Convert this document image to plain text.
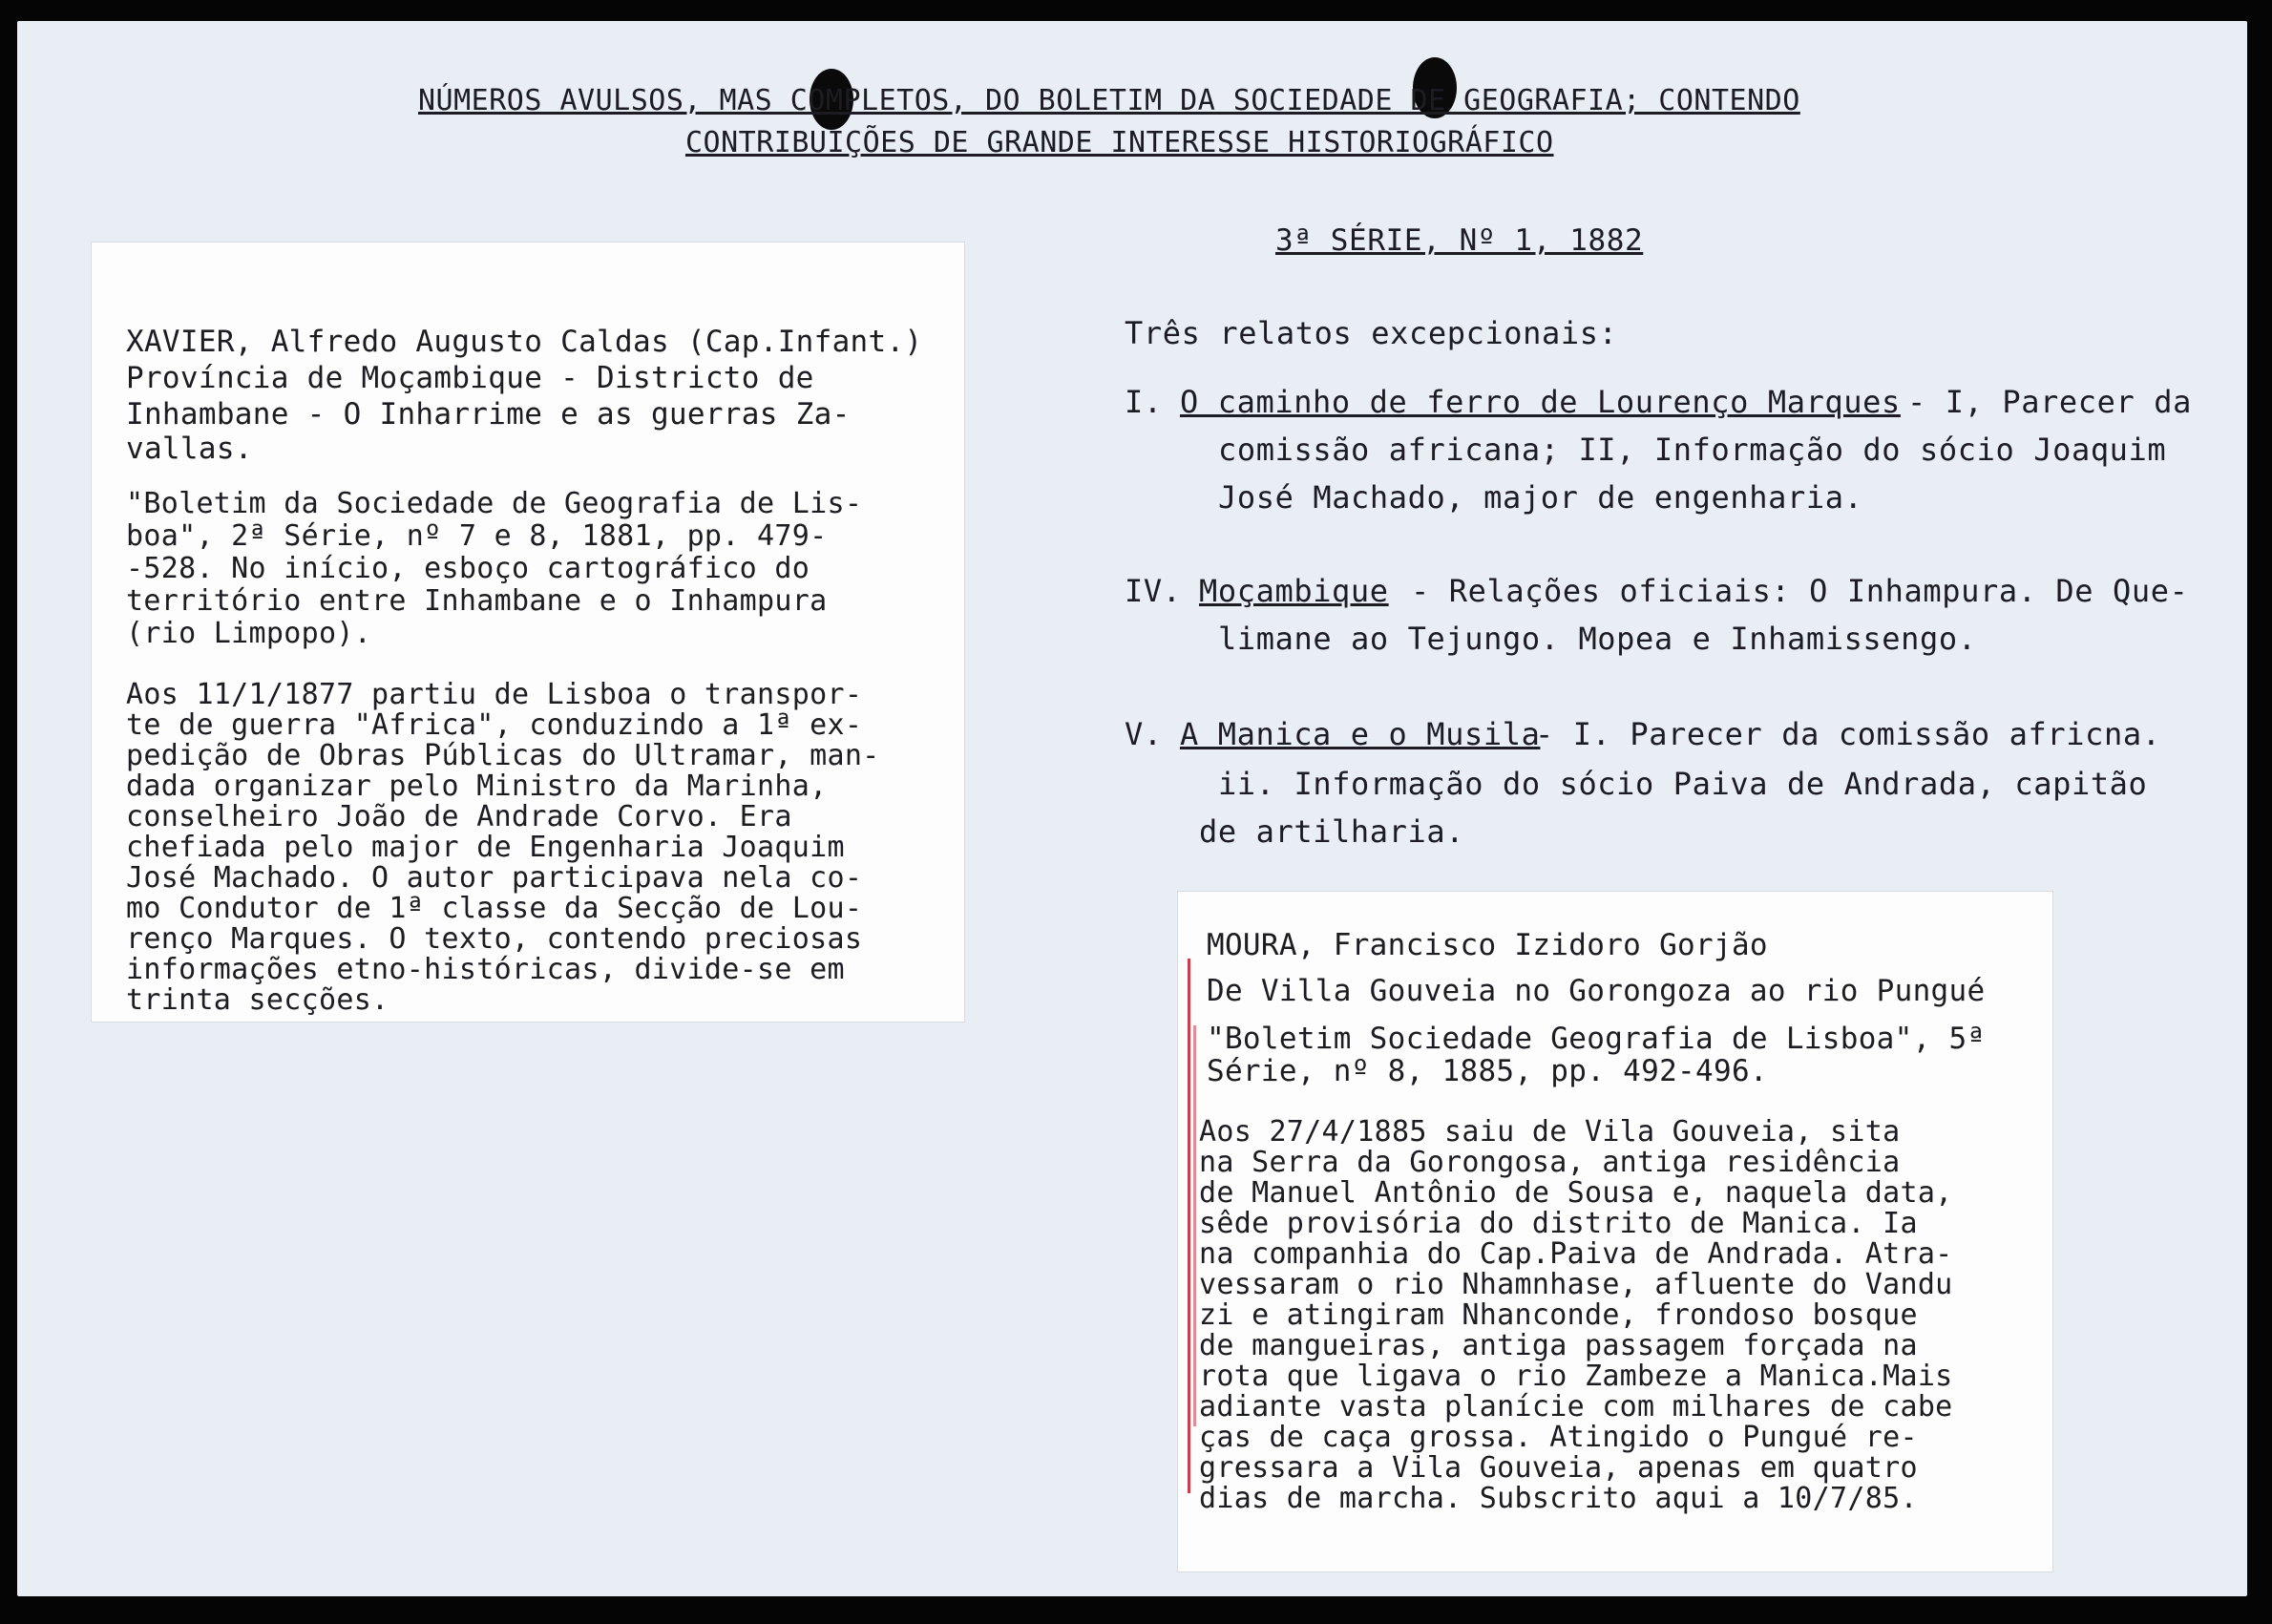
NÚMEROS AVULSOS, MAS COMPLETOS, DO BOLETIM DA SOCIEDADE DE GEOGRAFIA; CONTENDO
CONTRIBUIÇÕES DE GRANDE INTERESSE HISTORIOGRÁFICO
3ª SÉRIE, Nº 1, 1882
Três relatos excepcionais:
I. O caminho de ferro de Lourenço Marques - I, Parecer da
comissão africana; II, Informação do sócio Joaquim
José Machado, major de engenharia.
IV. Moçambique - Relações oficiais: O Inhampura. De Que-
limane ao Tejungo. Mopea e Inhamissengo.
V. A Manica e o Musila
- I. Parecer da comissão africna.
ii. Informação do sócio Paiva de Andrada, capitão
de artilharia.
XAVIER, Alfredo Augusto Caldas (Cap.Infant.)
Província de Moçambique - Districto de
Inhambane - O Inharrime e as guerras Za-
vallas.
"Boletim da Sociedade de Geografia de Lis-
boa", 2ª Série, nº 7 e 8, 1881, pp. 479-
-528. No início, esboço cartográfico do
território entre Inhambane e o Inhampura
(rio Limpopo).
Aos 11/1/1877 partiu de Lisboa o transpor-
te de guerra "Africa", conduzindo a 1ª ex-
pedição de Obras Públicas do Ultramar, man-
dada organizar pelo Ministro da Marinha,
conselheiro João de Andrade Corvo. Era
chefiada pelo major de Engenharia Joaquim
José Machado. O autor participava nela co-
mo Condutor de 1ª classe da Secção de Lou-
renço Marques. O texto, contendo preciosas
informações etno-históricas, divide-se em
trinta secções.
MOURA, Francisco Izidoro Gorjão
De Villa Gouveia no Gorongoza ao rio Pungué
"Boletim Sociedade Geografia de Lisboa", 5ª
Série, nº 8, 1885, pp. 492-496.
Aos 27/4/1885 saiu de Vila Gouveia, sita
na Serra da Gorongosa, antiga residência
de Manuel Antônio de Sousa e, naquela data,
sêde provisória do distrito de Manica. Ia
na companhia do Cap.Paiva de Andrada. Atra-
vessaram o rio Nhamnhase, afluente do Vandu
zi e atingiram Nhanconde, frondoso bosque
de mangueiras, antiga passagem forçada na
rota que ligava o rio Zambeze a Manica.Mais
adiante vasta planície com milhares de cabe
ças de caça grossa. Atingido o Pungué re-
gressara a Vila Gouveia, apenas em quatro
dias de marcha. Subscrito aqui a 10/7/85.
